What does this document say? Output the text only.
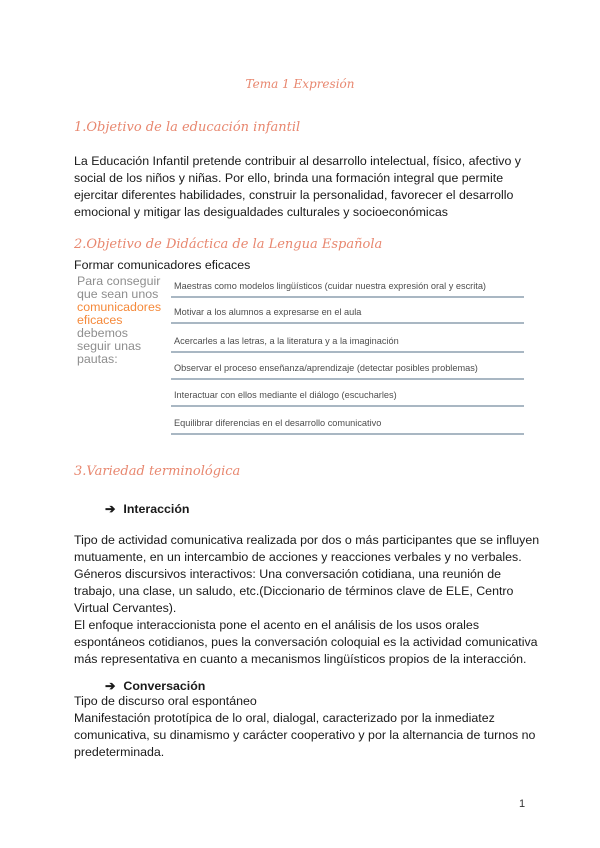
Tema 1 Expresión
1.Objetivo de la educación infantil
La Educación Infantil pretende contribuir al desarrollo intelectual, físico, afectivo y
social de los niños y niñas. Por ello, brinda una formación integral que permite
ejercitar diferentes habilidades, construir la personalidad, favorecer el desarrollo
emocional y mitigar las desigualdades culturales y socioeconómicas
2.Objetivo de Didáctica de la Lengua Española
Formar comunicadores eficaces
Para conseguir
que sean unos
comunicadores
eficaces
debemos
seguir unas
pautas:
Maestras como modelos lingüísticos (cuidar nuestra expresión oral y escrita)
Motivar a los alumnos a expresarse en el aula
Acercarles a las letras, a la literatura y a la imaginación
Observar el proceso enseñanza/aprendizaje (detectar posibles problemas)
Interactuar con ellos mediante el diálogo (escucharles)
Equilibrar diferencias en el desarrollo comunicativo
3.Variedad terminológica
➔ Interacción
Tipo de actividad comunicativa realizada por dos o más participantes que se influyen
mutuamente, en un intercambio de acciones y reacciones verbales y no verbales.
Géneros discursivos interactivos: Una conversación cotidiana, una reunión de
trabajo, una clase, un saludo, etc.(Diccionario de términos clave de ELE, Centro
Virtual Cervantes).
El enfoque interaccionista pone el acento en el análisis de los usos orales
espontáneos cotidianos, pues la conversación coloquial es la actividad comunicativa
más representativa en cuanto a mecanismos lingüísticos propios de la interacción.
➔ Conversación
Tipo de discurso oral espontáneo
Manifestación prototípica de lo oral, dialogal, caracterizado por la inmediatez
comunicativa, su dinamismo y carácter cooperativo y por la alternancia de turnos no
predeterminada.
1
